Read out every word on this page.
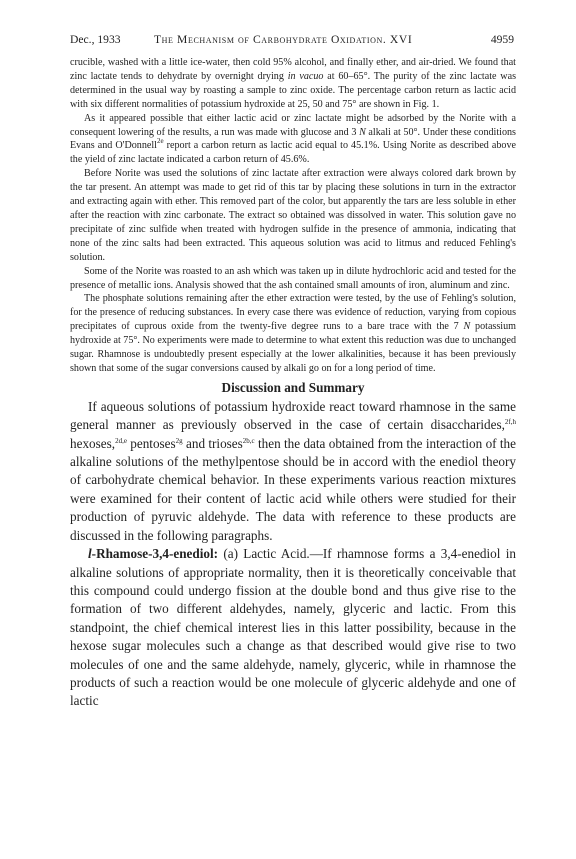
Dec., 1933	The Mechanism of Carbohydrate Oxidation. XVI	4959

crucible, washed with a little ice-water, then cold 95% alcohol, and finally ether, and air-dried. We found that zinc lactate tends to dehydrate by overnight drying in vacuo at 60–65°. The purity of the zinc lactate was determined in the usual way by roasting a sample to zinc oxide. The percentage carbon return as lactic acid with six different normalities of potassium hydroxide at 25, 50 and 75° are shown in Fig. 1.

As it appeared possible that either lactic acid or zinc lactate might be adsorbed by the Norite with a consequent lowering of the results, a run was made with glucose and 3 N alkali at 50°. Under these conditions Evans and O'Donnell$^{2e}$ report a carbon return as lactic acid equal to 45.1%. Using Norite as described above the yield of zinc lactate indicated a carbon return of 45.6%.

Before Norite was used the solutions of zinc lactate after extraction were always colored dark brown by the tar present. An attempt was made to get rid of this tar by placing these solutions in turn in the extractor and extracting again with ether. This removed part of the color, but apparently the tars are less soluble in ether after the reaction with zinc carbonate. The extract so obtained was dissolved in water. This solution gave no precipitate of zinc sulfide when treated with hydrogen sulfide in the presence of ammonia, indicating that none of the zinc salts had been extracted. This aqueous solution was acid to litmus and reduced Fehling's solution.

Some of the Norite was roasted to an ash which was taken up in dilute hydrochloric acid and tested for the presence of metallic ions. Analysis showed that the ash contained small amounts of iron, aluminum and zinc.

The phosphate solutions remaining after the ether extraction were tested, by the use of Fehling's solution, for the presence of reducing substances. In every case there was evidence of reduction, varying from copious precipitates of cuprous oxide from the twenty-five degree runs to a bare trace with the 7 N potassium hydroxide at 75°. No experiments were made to determine to what extent this reduction was due to unchanged sugar. Rhamnose is undoubtedly present especially at the lower alkalinities, because it has been previously shown that some of the sugar conversions caused by alkali go on for a long period of time.

Discussion and Summary

If aqueous solutions of potassium hydroxide react toward rhamnose in the same general manner as previously observed in the case of certain disaccharides,$^{2f,h}$ hexoses,$^{2d,e}$ pentoses$^{2g}$ and trioses$^{2b,c}$ then the data obtained from the interaction of the alkaline solutions of the methylpentose should be in accord with the enediol theory of carbohydrate chemical behavior. In these experiments various reaction mixtures were examined for their content of lactic acid while others were studied for their production of pyruvic aldehyde. The data with reference to these products are discussed in the following paragraphs.

l-Rhamose-3,4-enediol: (a) Lactic Acid.—If rhamnose forms a 3,4-enediol in alkaline solutions of appropriate normality, then it is theoretically conceivable that this compound could undergo fission at the double bond and thus give rise to the formation of two different aldehydes, namely, glyceric and lactic. From this standpoint, the chief chemical interest lies in this latter possibility, because in the hexose sugar molecules such a change as that described would give rise to two molecules of one and the same aldehyde, namely, glyceric, while in rhamnose the products of such a reaction would be one molecule of glyceric aldehyde and one of lactic
